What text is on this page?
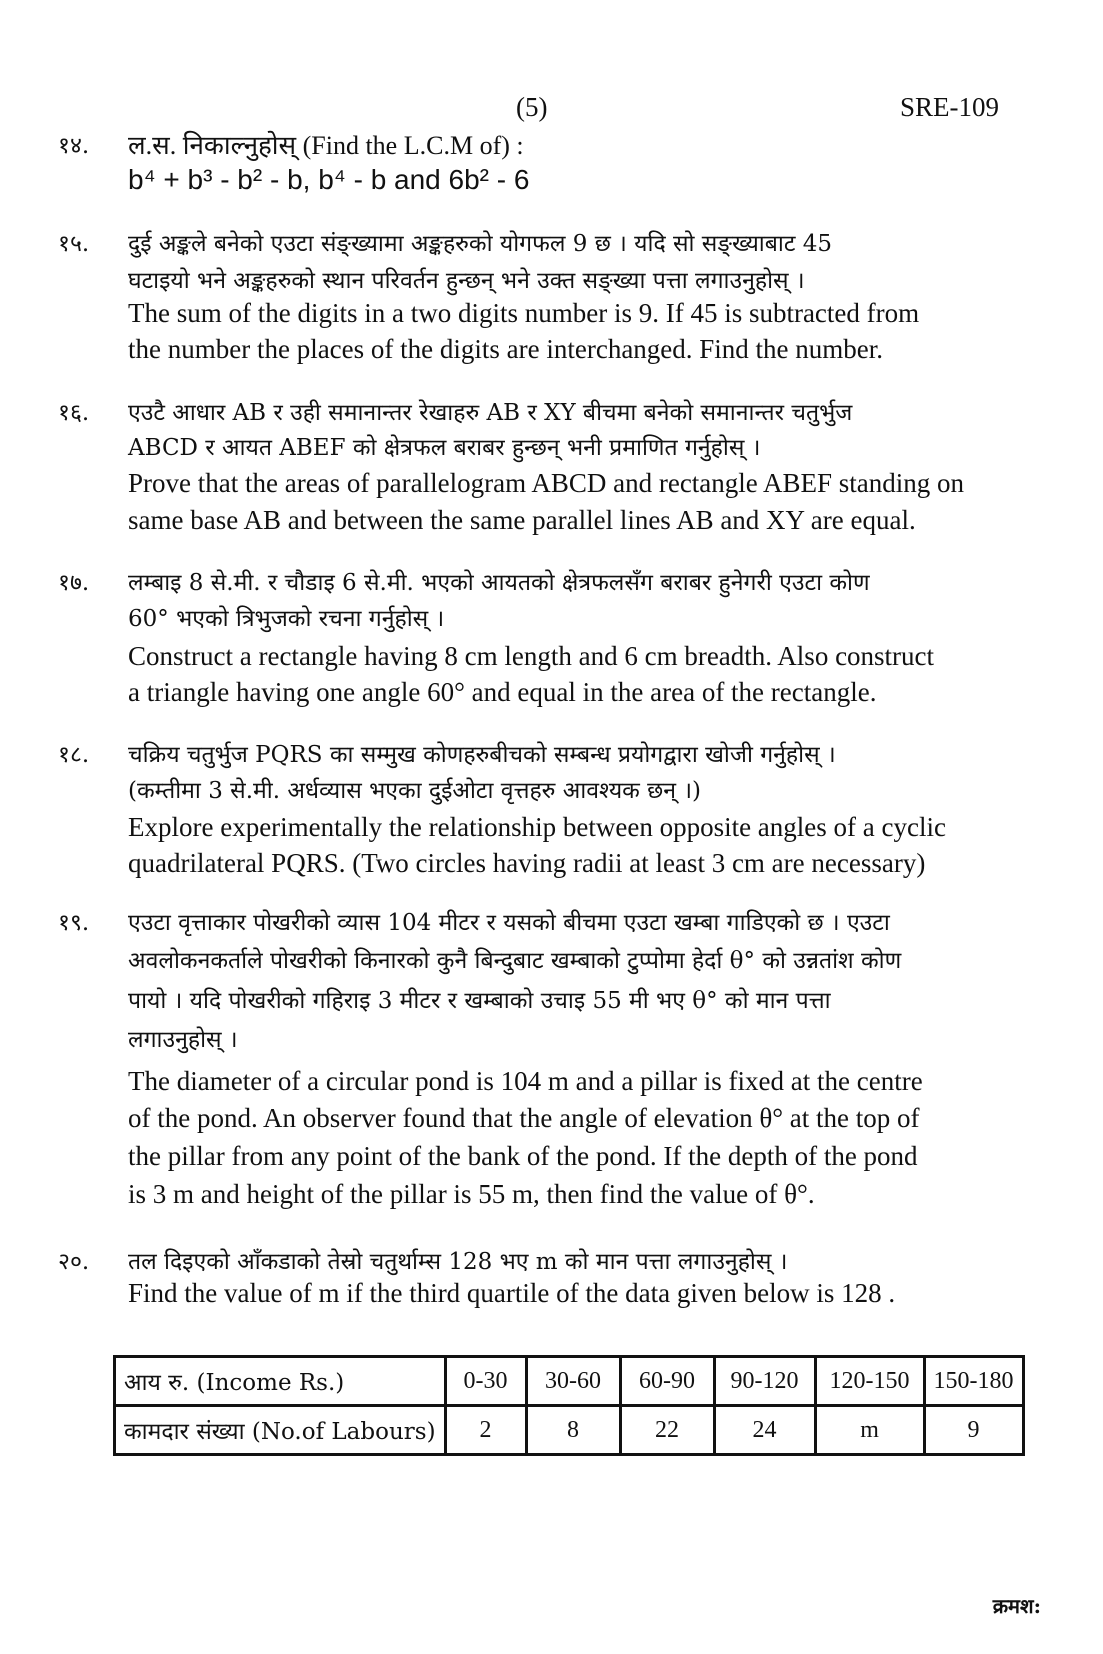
(5)	SRE-109
१४. ल.स. निकाल्नुहोस् (Find the L.C.M of) :
b⁴ + b³ - b² - b, b⁴ - b and 6b² - 6
१५. दुई अङ्कले बनेको एउटा संङ्ख्यामा अङ्कहरुको योगफल 9 छ । यदि सो सङ्ख्याबाट 45
घटाइयो भने अङ्कहरुको स्थान परिवर्तन हुन्छन् भने उक्त सङ्ख्या पत्ता लगाउनुहोस् ।
The sum of the digits in a two digits number is 9. If 45 is subtracted from
the number the places of the digits are interchanged. Find the number.
१६. एउटै आधार AB र उही समानान्तर रेखाहरु AB र XY बीचमा बनेको समानान्तर चतुर्भुज
ABCD र आयत ABEF को क्षेत्रफल बराबर हुन्छन् भनी प्रमाणित गर्नुहोस् ।
Prove that the areas of parallelogram ABCD and rectangle ABEF standing on
same base AB and between the same parallel lines AB and XY are equal.
१७. लम्बाइ 8 से.मी. र चौडाइ 6 से.मी. भएको आयतको क्षेत्रफलसँग बराबर हुनेगरी एउटा कोण
60° भएको त्रिभुजको रचना गर्नुहोस् ।
Construct a rectangle having 8 cm length and 6 cm breadth. Also construct
a triangle having one angle 60° and equal in the area of the rectangle.
१८. चक्रिय चतुर्भुज PQRS का सम्मुख कोणहरुबीचको सम्बन्ध प्रयोगद्वारा खोजी गर्नुहोस् ।
(कम्तीमा 3 से.मी. अर्धव्यास भएका दुईओटा वृत्तहरु आवश्यक छन् ।)
Explore experimentally the relationship between opposite angles of a cyclic
quadrilateral PQRS. (Two circles having radii at least 3 cm are necessary)
१९. एउटा वृत्ताकार पोखरीको व्यास 104 मीटर र यसको बीचमा एउटा खम्बा गाडिएको छ । एउटा
अवलोकनकर्ताले पोखरीको किनारको कुनै बिन्दुबाट खम्बाको टुप्पोमा हेर्दा θ° को उन्नतांश कोण
पायो । यदि पोखरीको गहिराइ 3 मीटर र खम्बाको उचाइ 55 मी भए θ° को मान पत्ता
लगाउनुहोस् ।
The diameter of a circular pond is 104 m and a pillar is fixed at the centre
of the pond. An observer found that the angle of elevation θ° at the top of
the pillar from any point of the bank of the pond. If the depth of the pond
is 3 m and height of the pillar is 55 m, then find the value of θ°.
२०. तल दिइएको आँकडाको तेस्रो चतुर्थाम्स 128 भए m को मान पत्ता लगाउनुहोस् ।
Find the value of m if the third quartile of the data given below is 128 .
आय रु. (Income Rs.)	0-30	30-60	60-90	90-120	120-150	150-180
कामदार संख्या (No.of Labours)	2	8	22	24	m	9
क्रमश:
